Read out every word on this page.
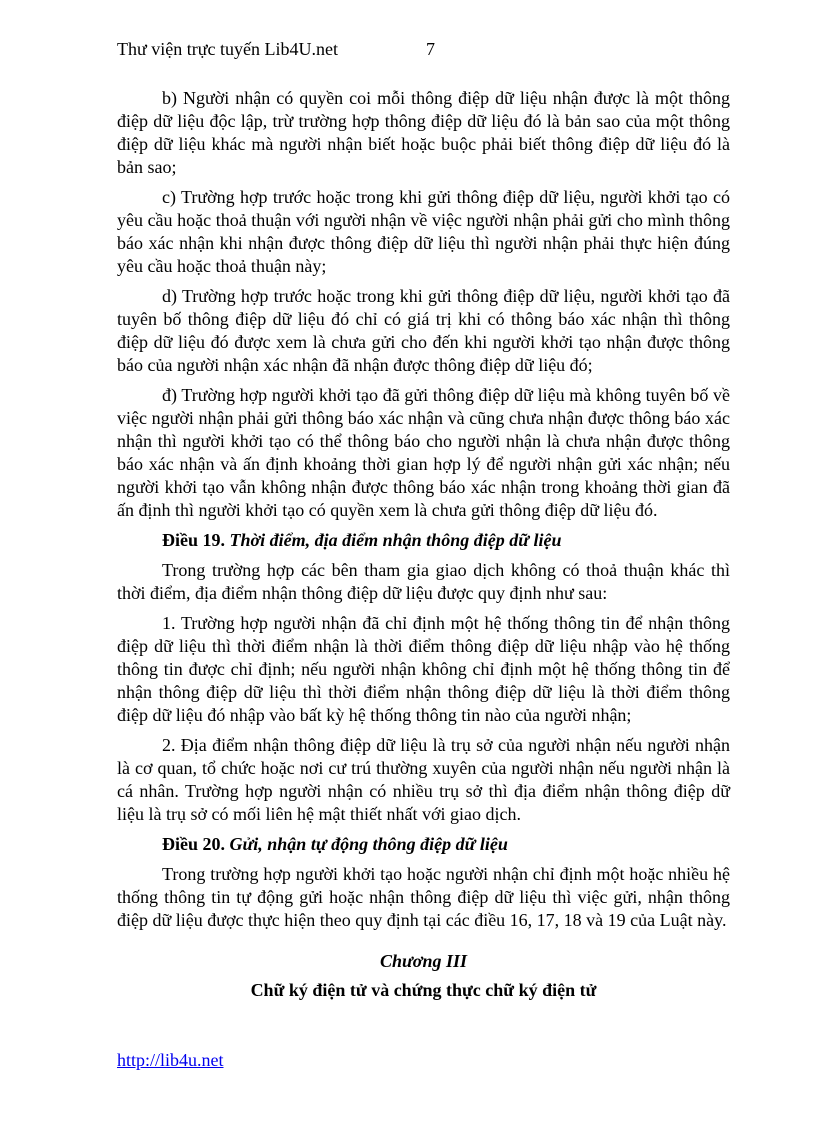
Thư viện trực tuyến Lib4U.net	7

b) Người nhận có quyền coi mỗi thông điệp dữ liệu nhận được là một thông điệp dữ liệu độc lập, trừ trường hợp thông điệp dữ liệu đó là bản sao của một thông điệp dữ liệu khác mà người nhận biết hoặc buộc phải biết thông điệp dữ liệu đó là bản sao;

c) Trường hợp trước hoặc trong khi gửi thông điệp dữ liệu, người khởi tạo có yêu cầu hoặc thoả thuận với người nhận về việc người nhận phải gửi cho mình thông báo xác nhận khi nhận được thông điệp dữ liệu thì người nhận phải thực hiện đúng yêu cầu hoặc thoả thuận này;

d) Trường hợp trước hoặc trong khi gửi thông điệp dữ liệu, người khởi tạo đã tuyên bố thông điệp dữ liệu đó chỉ có giá trị khi có thông báo xác nhận thì thông điệp dữ liệu đó được xem là chưa gửi cho đến khi người khởi tạo nhận được thông báo của người nhận xác nhận đã nhận được thông điệp dữ liệu đó;

đ) Trường hợp người khởi tạo đã gửi thông điệp dữ liệu mà không tuyên bố về việc người nhận phải gửi thông báo xác nhận và cũng chưa nhận được thông báo xác nhận thì người khởi tạo có thể thông báo cho người nhận là chưa nhận được thông báo xác nhận và ấn định khoảng thời gian hợp lý để người nhận gửi xác nhận; nếu người khởi tạo vẫn không nhận được thông báo xác nhận trong khoảng thời gian đã ấn định thì người khởi tạo có quyền xem là chưa gửi thông điệp dữ liệu đó.

Điều 19. Thời điểm, địa điểm nhận thông điệp dữ liệu

Trong trường hợp các bên tham gia giao dịch không có thoả thuận khác thì thời điểm, địa điểm nhận thông điệp dữ liệu được quy định như sau:

1. Trường hợp người nhận đã chỉ định một hệ thống thông tin để nhận thông điệp dữ liệu thì thời điểm nhận là thời điểm thông điệp dữ liệu nhập vào hệ thống thông tin được chỉ định; nếu người nhận không chỉ định một hệ thống thông tin để nhận thông điệp dữ liệu thì thời điểm nhận thông điệp dữ liệu là thời điểm thông điệp dữ liệu đó nhập vào bất kỳ hệ thống thông tin nào của người nhận;

2. Địa điểm nhận thông điệp dữ liệu là trụ sở của người nhận nếu người nhận là cơ quan, tổ chức hoặc nơi cư trú thường xuyên của người nhận nếu người nhận là cá nhân. Trường hợp người nhận có nhiều trụ sở thì địa điểm nhận thông điệp dữ liệu là trụ sở có mối liên hệ mật thiết nhất với giao dịch.

Điều 20. Gửi, nhận tự động thông điệp dữ liệu

Trong trường hợp người khởi tạo hoặc người nhận chỉ định một hoặc nhiều hệ thống thông tin tự động gửi hoặc nhận thông điệp dữ liệu thì việc gửi, nhận thông điệp dữ liệu được thực hiện theo quy định tại các điều 16, 17, 18 và 19 của Luật này.

Chương III

Chữ ký điện tử và chứng thực chữ ký điện tử

http://lib4u.net
